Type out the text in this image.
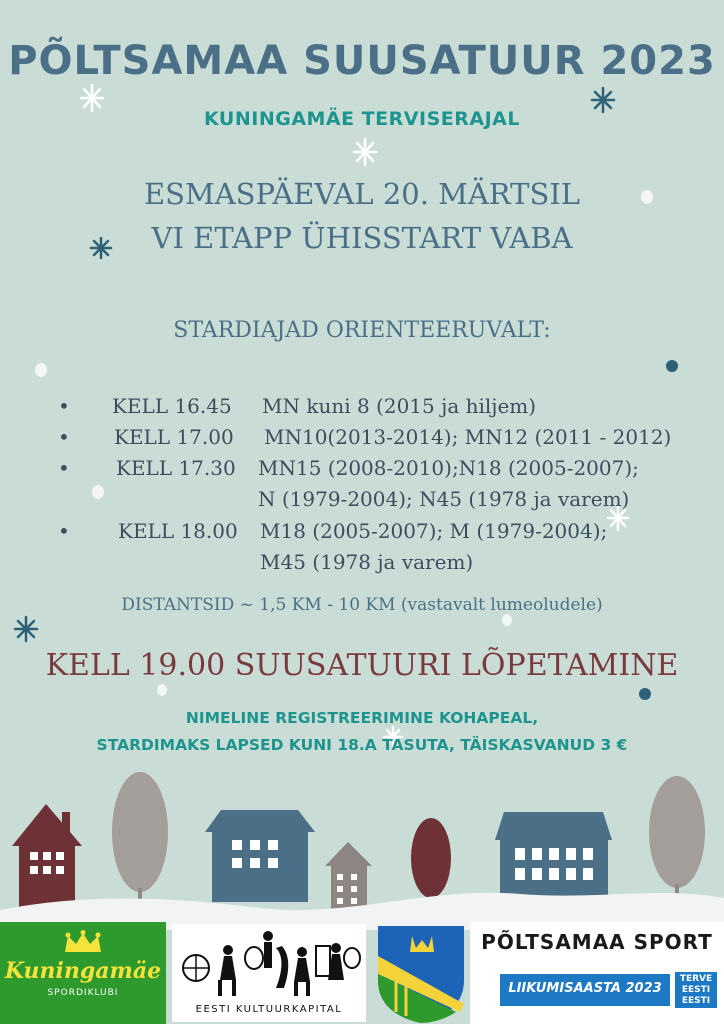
PÕLTSAMAA SUUSATUUR 2023
KUNINGAMÄE TERVISERAJAL
ESMASPÄEVAL 20. MÄRTSIL
VI ETAPP ÜHISSTART VABA
STARDIAJAD ORIENTEERUVALT:
• KELL 16.45 MN kuni 8 (2015 ja hiljem)
• KELL 17.00 MN10(2013-2014); MN12 (2011 - 2012)
• KELL 17.30 MN15 (2008-2010);N18 (2005-2007);
N (1979-2004); N45 (1978 ja varem)
• KELL 18.00 M18 (2005-2007); M (1979-2004);
M45 (1978 ja varem)
DISTANTSID ~ 1,5 KM - 10 KM (vastavalt lumeoludele)
KELL 19.00 SUUSATUURI LÕPETAMINE
NIMELINE REGISTREERIMINE KOHAPEAL,
STARDIMAKS LAPSED KUNI 18.A TASUTA, TÄISKASVANUD 3 €
Kuningamäe
SPORDIKLUBI
EESTI KULTUURKAPITAL
PÕLTSAMAA SPORT
LIIKUMISAASTA 2023
TERVE
EESTI
EESTI
